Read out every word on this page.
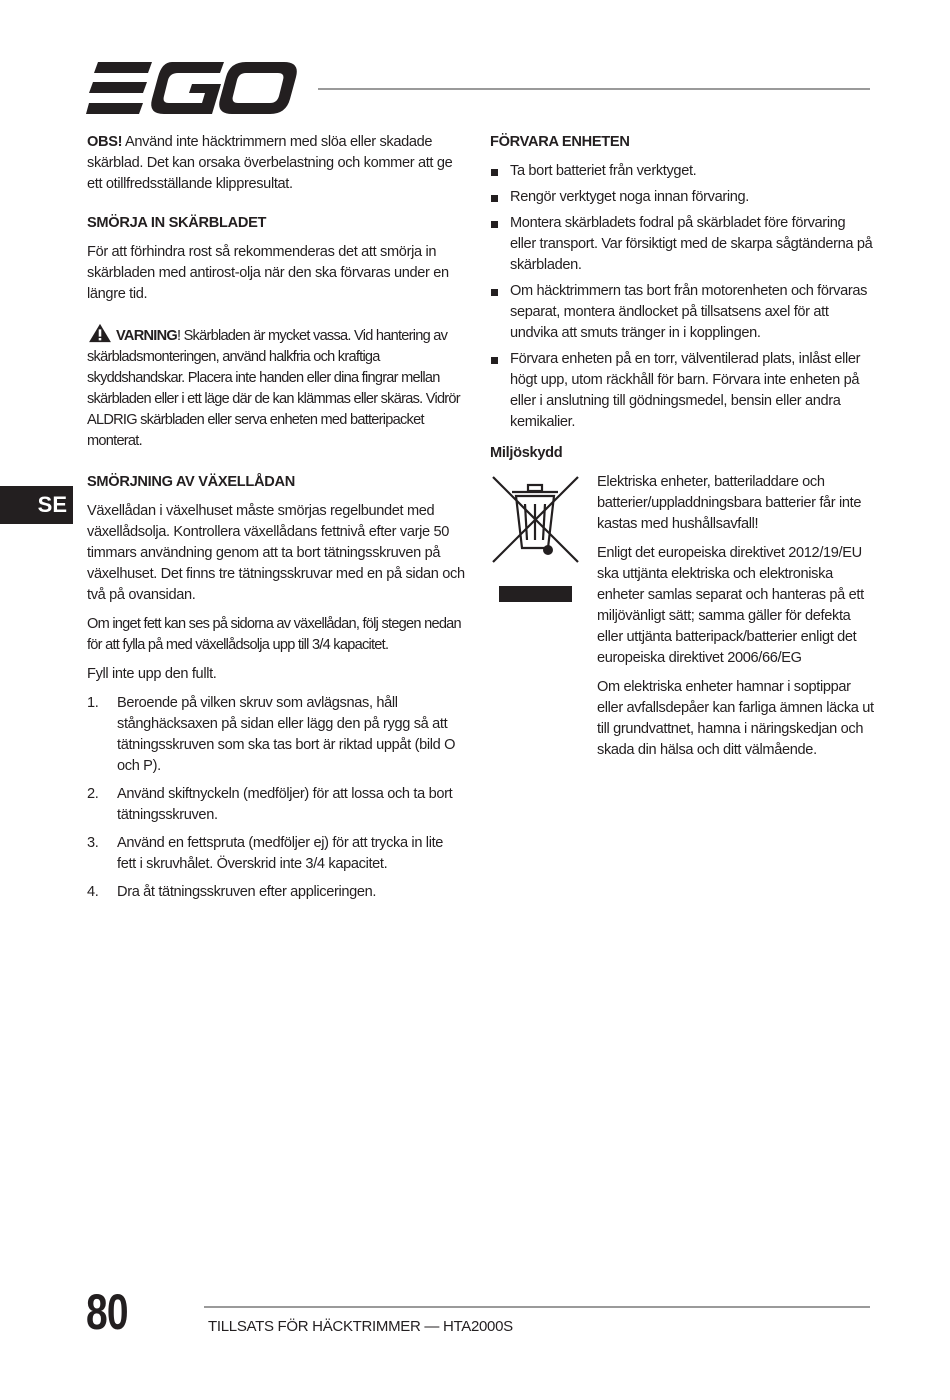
SE

OBS! Använd inte häcktrimmern med slöa eller skadade skärblad. Det kan orsaka överbelastning och kommer att ge ett otillfredsställande klippresultat.

SMÖRJA IN SKÄRBLADET

För att förhindra rost så rekommenderas det att smörja in skärbladen med antirost-olja när den ska förvaras under en längre tid.

VARNING! Skärbladen är mycket vassa. Vid hantering av skärbladsmonteringen, använd halkfria och kraftiga skyddshandskar. Placera inte handen eller dina fingrar mellan skärbladen eller i ett läge där de kan klämmas eller skäras. Vidrör ALDRIG skärbladen eller serva enheten med batteripacket monterat.

SMÖRJNING AV VÄXELLÅDAN

Växellådan i växelhuset måste smörjas regelbundet med växellådsolja. Kontrollera växellådans fettnivå efter varje 50 timmars användning genom att ta bort tätningsskruven på växelhuset. Det finns tre tätningsskruvar med en på sidan och två på ovansidan.

Om inget fett kan ses på sidorna av växellådan, följ stegen nedan för att fylla på med växellådsolja upp till 3/4 kapacitet.

Fyll inte upp den fullt.

1. Beroende på vilken skruv som avlägsnas, håll stånghäcksaxen på sidan eller lägg den på rygg så att tätningsskruven som ska tas bort är riktad uppåt (bild O och P).
2. Använd skiftnyckeln (medföljer) för att lossa och ta bort tätningsskruven.
3. Använd en fettspruta (medföljer ej) för att trycka in lite fett i skruvhålet. Överskrid inte 3/4 kapacitet.
4. Dra åt tätningsskruven efter appliceringen.
FÖRVARA ENHETEN
Ta bort batteriet från verktyget.
Rengör verktyget noga innan förvaring.
Montera skärbladets fodral på skärbladet före förvaring eller transport. Var försiktigt med de skarpa sågtänderna på skärbladen.
Om häcktrimmern tas bort från motorenheten och förvaras separat, montera ändlocket på tillsatsens axel för att undvika att smuts tränger in i kopplingen.
Förvara enheten på en torr, välventilerad plats, inlåst eller högt upp, utom räckhåll för barn. Förvara inte enheten på eller i anslutning till gödningsmedel, bensin eller andra kemikalier.
Miljöskydd

Elektriska enheter, batteriladdare och batterier/uppladdningsbara batterier får inte kastas med hushållsavfall!

Enligt det europeiska direktivet 2012/19/EU ska uttjänta elektriska och elektroniska enheter samlas separat och hanteras på ett miljövänligt sätt; samma gäller för defekta eller uttjänta batteripack/batterier enligt det europeiska direktivet 2006/66/EG

Om elektriska enheter hamnar i soptippar eller avfallsdepåer kan farliga ämnen läcka ut till grundvattnet, hamna i näringskedjan och skada din hälsa och ditt välmående.

80	TILLSATS FÖR HÄCKTRIMMER — HTA2000S
